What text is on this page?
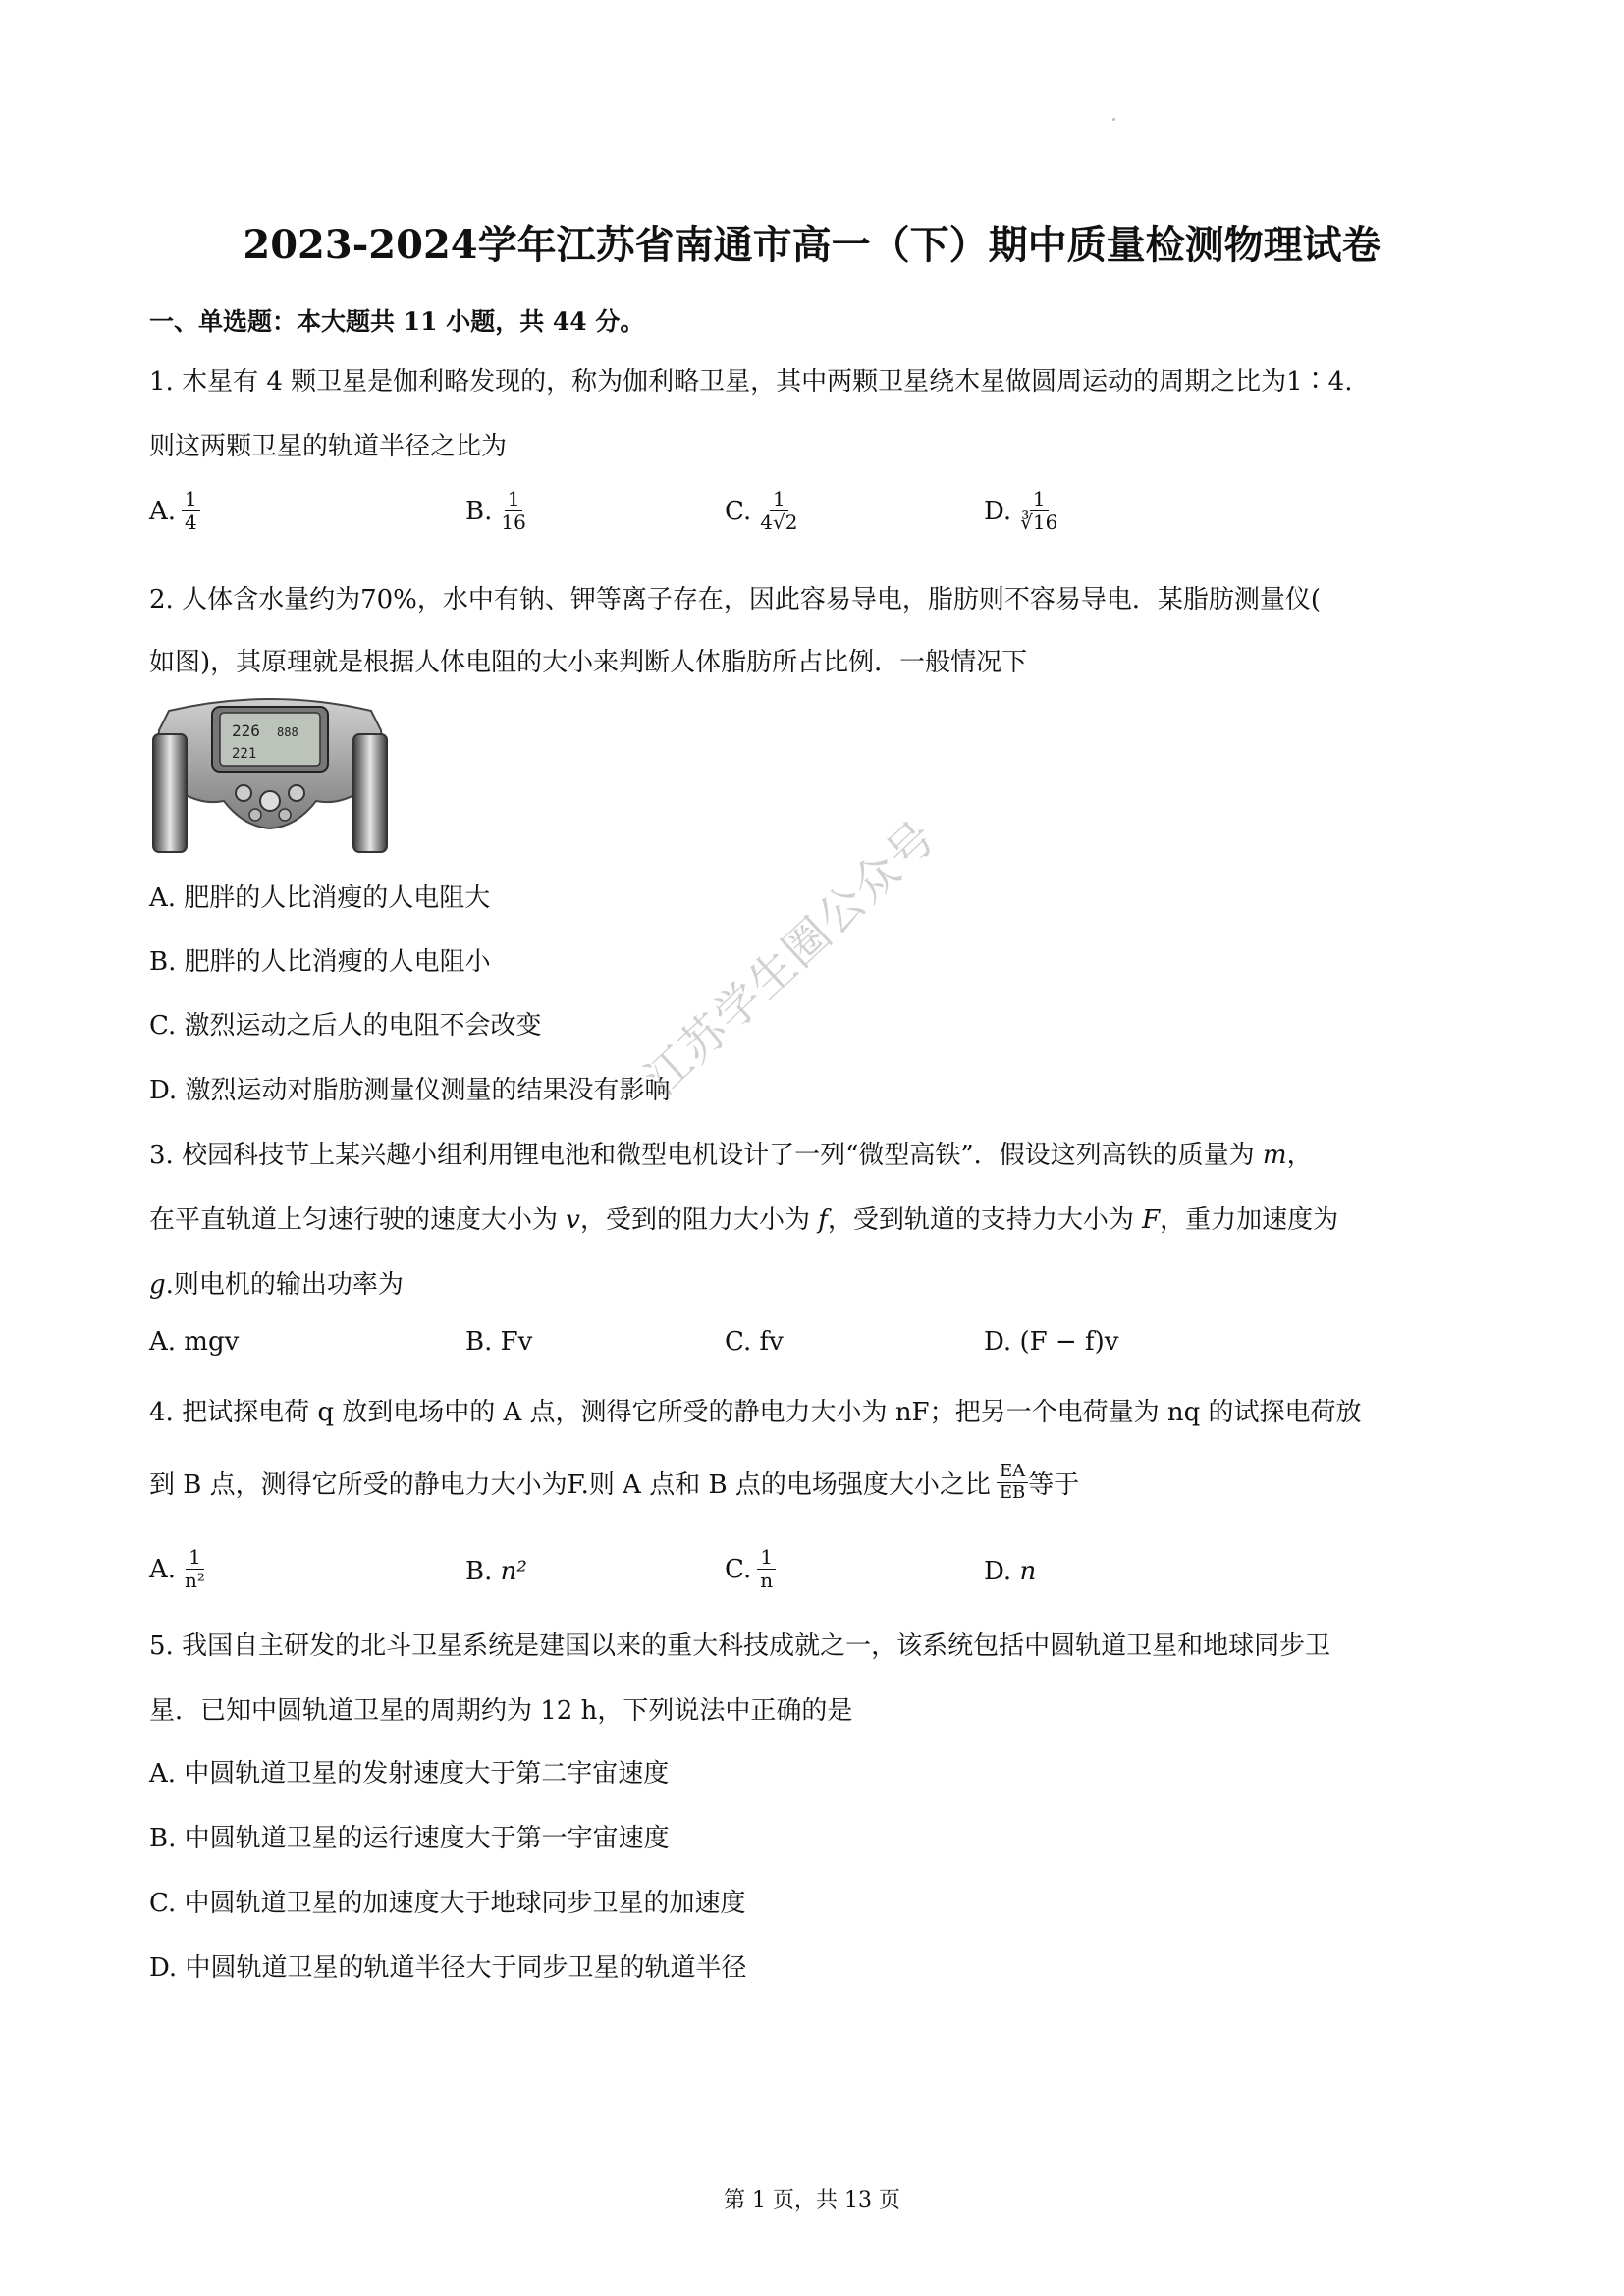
2023-2024学年江苏省南通市高一（下）期中质量检测物理试卷
一、单选题：本大题共 11 小题，共 44 分。
1. 木星有 4 颗卫星是伽利略发现的，称为伽利略卫星，其中两颗卫星绕木星做圆周运动的周期之比为1∶4.
则这两颗卫星的轨道半径之比为
A. $\frac{1}{4}$	B. $\frac{1}{16}$	C. $\frac{1}{4√2}$	D. $\frac{1}{∛16}$
2. 人体含水量约为70%，水中有钠、钾等离子存在，因此容易导电，脂肪则不容易导电．某脂肪测量仪(
如图)，其原理就是根据人体电阻的大小来判断人体脂肪所占比例．一般情况下
226 888
221
A. 肥胖的人比消瘦的人电阻大
B. 肥胖的人比消瘦的人电阻小
C. 激烈运动之后人的电阻不会改变
D. 激烈运动对脂肪测量仪测量的结果没有影响
3. 校园科技节上某兴趣小组利用锂电池和微型电机设计了一列“微型高铁”．假设这列高铁的质量为 m，
在平直轨道上匀速行驶的速度大小为 v，受到的阻力大小为 f，受到轨道的支持力大小为 F，重力加速度为
g.则电机的输出功率为
A. mgv	B. Fv	C. fv	D. (F − f)v
4. 把试探电荷 q 放到电场中的 A 点，测得它所受的静电力大小为 nF；把另一个电荷量为 nq 的试探电荷放
到 B 点，测得它所受的静电力大小为F.则 A 点和 B 点的电场强度大小之比 $\frac{EA}{EB}$ 等于
A. $\frac{1}{\text{n²}}$	B.
n²	C. $\frac{1}{n}$	D.
n
5. 我国自主研发的北斗卫星系统是建国以来的重大科技成就之一，该系统包括中圆轨道卫星和地球同步卫
星．已知中圆轨道卫星的周期约为 12 h，下列说法中正确的是
A. 中圆轨道卫星的发射速度大于第二宇宙速度
B. 中圆轨道卫星的运行速度大于第一宇宙速度
C. 中圆轨道卫星的加速度大于地球同步卫星的加速度
D. 中圆轨道卫星的轨道半径大于同步卫星的轨道半径
江苏学生圈公众号
第 1 页，共 13 页
